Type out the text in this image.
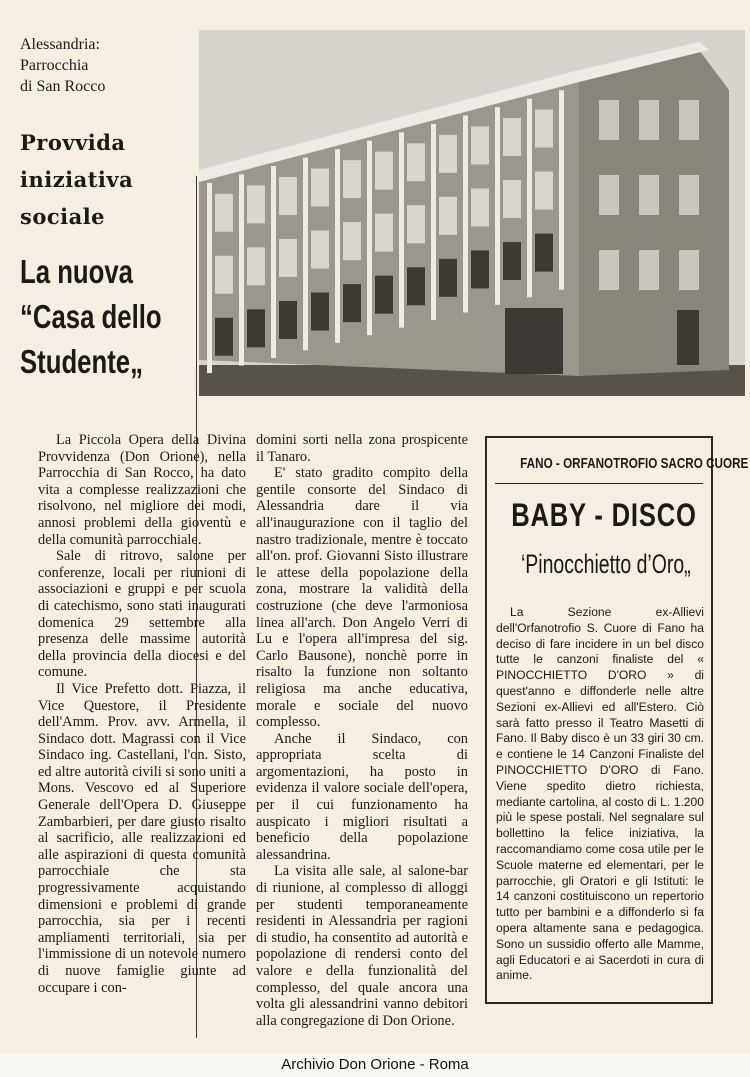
Alessandria:
Parrocchia
di San Rocco
Provvida
iniziativa
sociale
La nuova
“Casa dello
Studente„

La Piccola Opera della Divina Provvidenza (Don Orione), nella Parrocchia di San Rocco, ha dato vita a complesse realizzazioni che risolvono, nel migliore dei modi, annosi problemi della gioventù e della comunità parrocchiale.

Sale di ritrovo, salone per conferenze, locali per riunioni di associazioni e gruppi e per scuola di catechismo, sono stati inaugurati domenica 29 settembre alla presenza delle massime autorità della provincia della diocesi e del comune.

Il Vice Prefetto dott. Piazza, il Vice Questore, il Presidente dell'Amm. Prov. avv. Armella, il Sindaco dott. Magrassi con il Vice Sindaco ing. Castellani, l'on. Sisto, ed altre autorità civili si sono uniti a Mons. Vescovo ed al Superiore Generale dell'Opera D. Giuseppe Zambarbieri, per dare giusto risalto al sacrificio, alle realizzazioni ed alle aspirazioni di questa comunità parrocchiale che sta progressivamente acquistando dimensioni e problemi di grande parrocchia, sia per i recenti ampliamenti territoriali, sia per l'immissione di un notevole numero di nuove famiglie giunte ad occupare i con-

domini sorti nella zona prospicente il Tanaro.

E' stato gradito compito della gentile consorte del Sindaco di Alessandria dare il via all'inaugurazione con il taglio del nastro tradizionale, mentre è toccato all'on. prof. Giovanni Sisto illustrare le attese della popolazione della zona, mostrare la validità della costruzione (che deve l'armoniosa linea all'arch. Don Angelo Verri di Lu e l'opera all'impresa del sig. Carlo Bausone), nonchè porre in risalto la funzione non soltanto religiosa ma anche educativa, morale e sociale del nuovo complesso.

Anche il Sindaco, con appropriata scelta di argomentazioni, ha posto in evidenza il valore sociale dell'opera, per il cui funzionamento ha auspicato i migliori risultati a beneficio della popolazione alessandrina.

La visita alle sale, al salone-bar di riunione, al complesso di alloggi per studenti temporaneamente residenti in Alessandria per ragioni di studio, ha consentito ad autorità e popolazione di rendersi conto del valore e della funzionalità del complesso, del quale ancora una volta gli alessandrini vanno debitori alla congregazione di Don Orione.

FANO - ORFANOTROFIO SACRO CUORE
BABY - DISCO
‘Pinocchietto d’Oro„

La Sezione ex-Allievi dell'Orfanotrofio S. Cuore di Fano ha deciso di fare incidere in un bel disco tutte le canzoni finaliste del « PINOCCHIETTO D'ORO » di quest'anno e diffonderle nelle altre Sezioni ex-Allievi ed all'Estero. Ciò sarà fatto presso il Teatro Masetti di Fano. Il Baby disco è un 33 giri 30 cm. e contiene le 14 Canzoni Finaliste del PINOCCHIETTO D'ORO di Fano. Viene spedito dietro richiesta, mediante cartolina, al costo di L. 1.200 più le spese postali. Nel segnalare sul bollettino la felice iniziativa, la raccomandiamo come cosa utile per le Scuole materne ed elementari, per le parrocchie, gli Oratori e gli Istituti: le 14 canzoni costituiscono un repertorio tutto per bambini e a diffonderlo si fa opera altamente sana e pedagogica. Sono un sussidio offerto alle Mamme, agli Educatori e ai Sacerdoti in cura di anime.

Archivio Don Orione - Roma
